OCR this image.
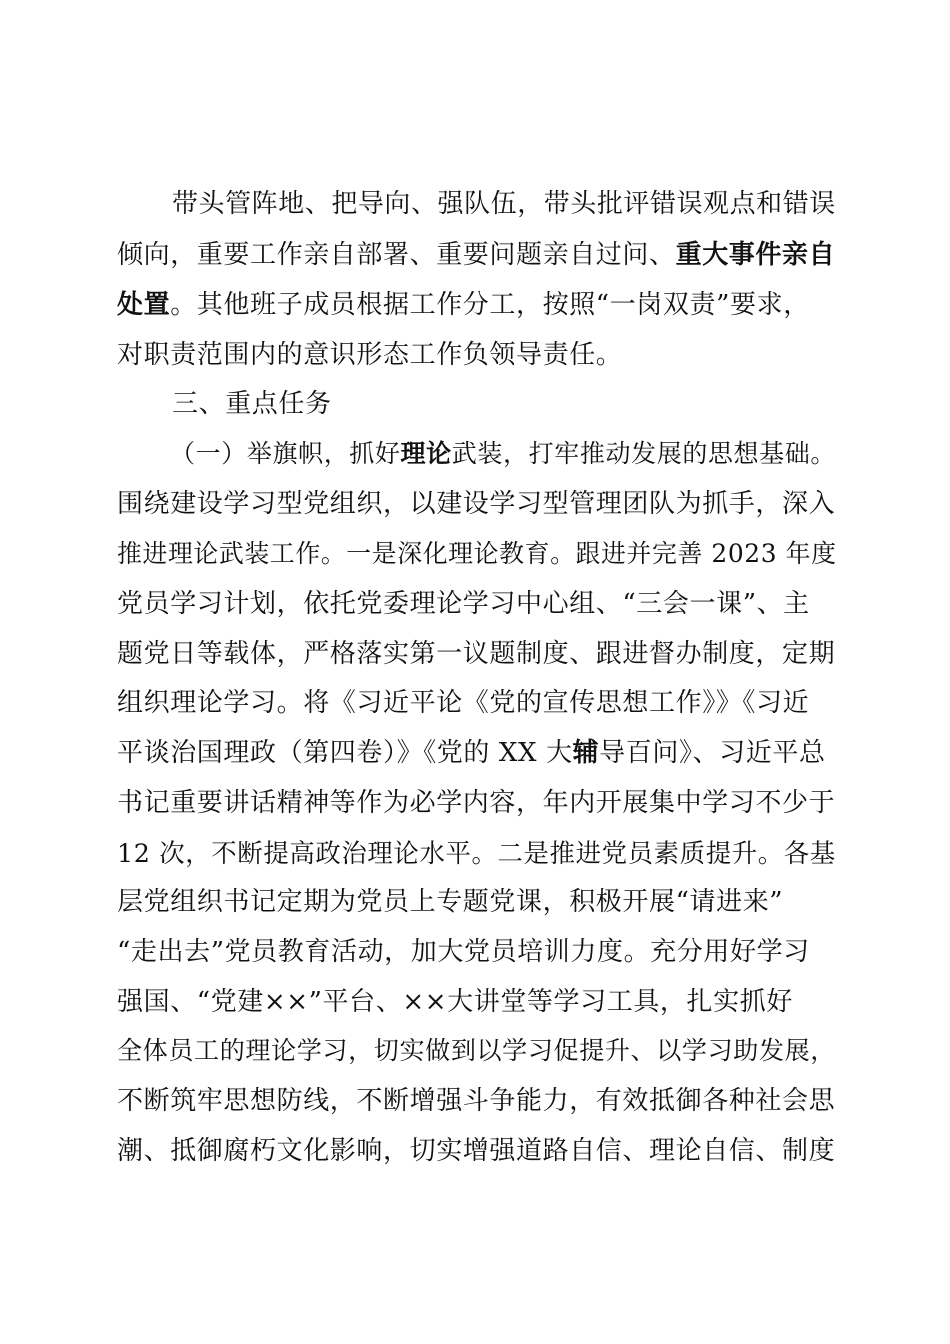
带头管阵地、把导向、强队伍，带头批评错误观点和错误
倾向，重要工作亲自部署、重要问题亲自过问、重大事件亲自
处置。其他班子成员根据工作分工，按照“一岗双责”要求，
对职责范围内的意识形态工作负领导责任。
三、重点任务
（一）举旗帜，抓好理论武装，打牢推动发展的思想基础。
围绕建设学习型党组织，以建设学习型管理团队为抓手，深入
推进理论武装工作。一是深化理论教育。跟进并完善 2023 年度
党员学习计划，依托党委理论学习中心组、“三会一课”、主
题党日等载体，严格落实第一议题制度、跟进督办制度，定期
组织理论学习。将《习近平论《党的宣传思想工作》》《习近
平谈治国理政（第四卷）》《党的 XX 大辅导百问》、习近平总
书记重要讲话精神等作为必学内容，年内开展集中学习不少于
12 次，不断提高政治理论水平。二是推进党员素质提升。各基
层党组织书记定期为党员上专题党课，积极开展“请进来”
“走出去”党员教育活动，加大党员培训力度。充分用好学习
强国、“党建××”平台、××大讲堂等学习工具，扎实抓好
全体员工的理论学习，切实做到以学习促提升、以学习助发展，
不断筑牢思想防线，不断增强斗争能力，有效抵御各种社会思
潮、抵御腐朽文化影响，切实增强道路自信、理论自信、制度
